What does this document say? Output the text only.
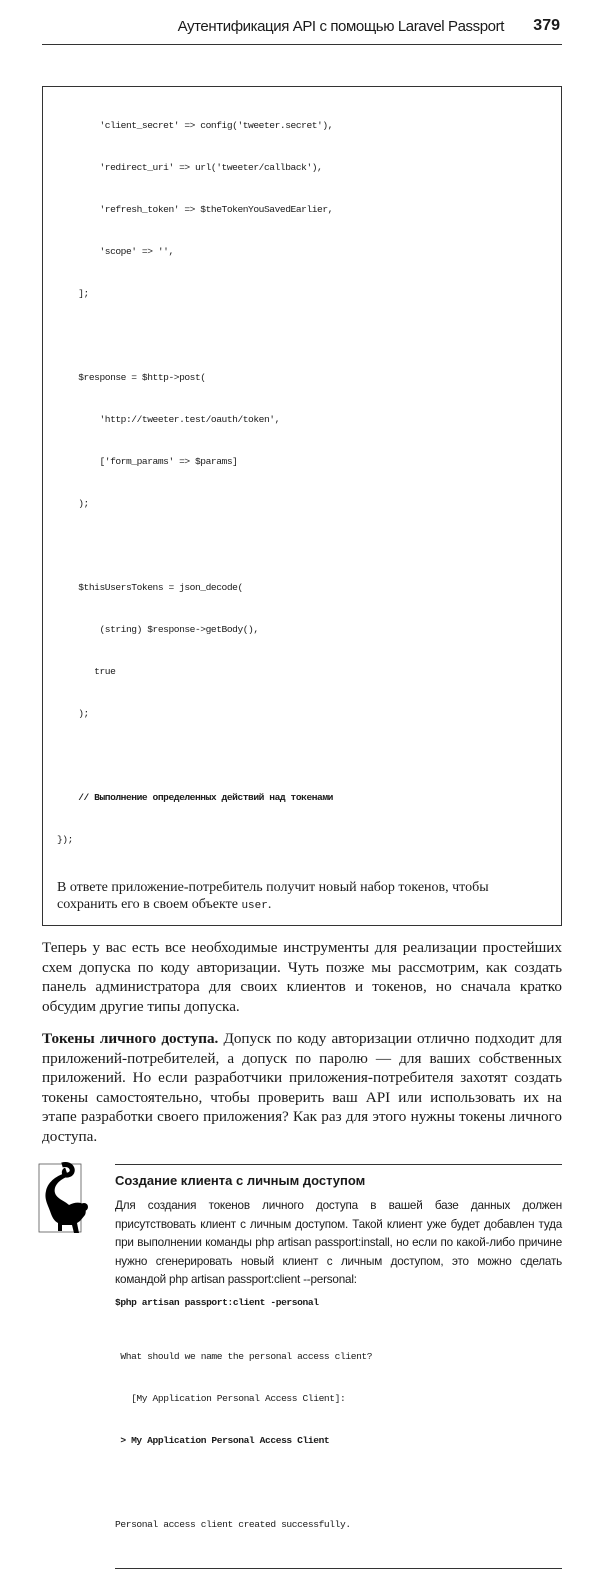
Аутентификация API с помощью Laravel Passport 379

'client_secret' => config('tweeter.secret'),

'redirect_uri' => url('tweeter/callback'),

'refresh_token' => $theTokenYouSavedEarlier,

'scope' => '',

];

$response = $http->post(

'http://tweeter.test/oauth/token',

['form_params' => $params]

);

$thisUsersTokens = json_decode(

(string) $response->getBody(),

true

);

// Выполнение определенных действий над токенами

});

В ответе приложение-потребитель получит новый набор токенов, чтобы сохранить его в своем объекте user.

Теперь у вас есть все необходимые инструменты для реализации простейших схем допуска по коду авторизации. Чуть позже мы рассмотрим, как создать панель администратора для своих клиентов и токенов, но сначала кратко обсудим другие типы допуска.

Токены личного доступа. Допуск по коду авторизации отлично подходит для приложений-потребителей, а допуск по паролю — для ваших собственных приложений. Но если разработчики приложения-потребителя захотят создать токены самостоятельно, чтобы проверить ваш API или использовать их на этапе разработки своего приложения? Как раз для этого нужны токены личного доступа.

Создание клиента с личным доступом
Для создания токенов личного доступа в вашей базе данных должен присутствовать клиент с личным доступом. Такой клиент уже будет добавлен туда при выполнении команды php artisan passport:install, но если по какой-либо причине нужно сгенерировать новый клиент с личным доступом, это можно сделать командой php artisan passport:client --personal:
$php artisan passport:client -personal

What should we name the personal access client?

[My Application Personal Access Client]:

> My Application Personal Access Client

Personal access client created successfully.
